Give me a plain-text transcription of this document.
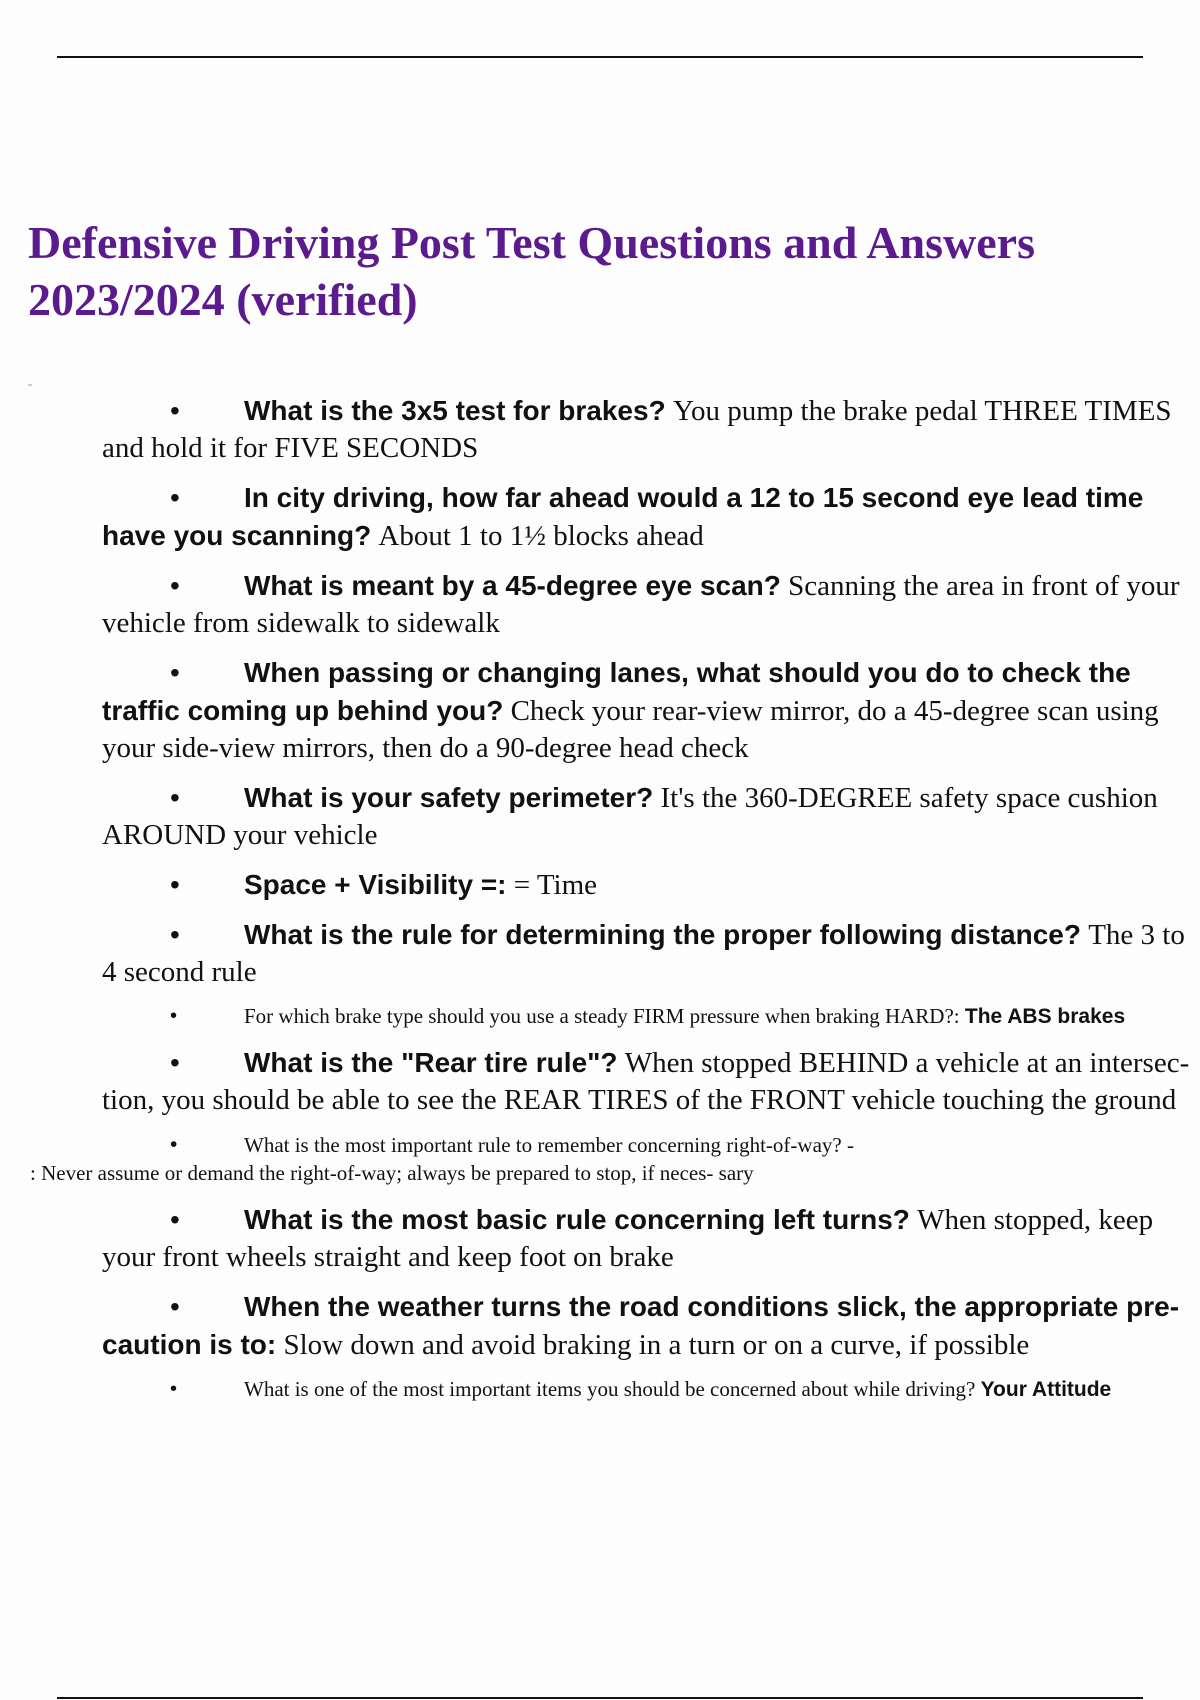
Defensive Driving Post Test Questions and Answers
2023/2024 (verified)
• What is the 3x5 test for brakes? You pump the brake pedal THREE TIMES and hold it for FIVE SECONDS
• In city driving, how far ahead would a 12 to 15 second eye lead time have you scanning? About 1 to 1½ blocks ahead
• What is meant by a 45-degree eye scan? Scanning the area in front of your vehicle from sidewalk to sidewalk
• When passing or changing lanes, what should you do to check the traffic coming up behind you? Check your rear-view mirror, do a 45-degree scan using your side-view mirrors, then do a 90-degree head check
• What is your safety perimeter? It's the 360-DEGREE safety space cushion AROUND your vehicle
• Space + Visibility =: = Time
• What is the rule for determining the proper following distance? The 3 to 4 second rule
•	For which brake type should you use a steady FIRM pressure when braking HARD?: The ABS brakes
• What is the "Rear tire rule"? When stopped BEHIND a vehicle at an intersec- tion, you should be able to see the REAR TIRES of the FRONT vehicle touching the ground
•	What is the most important rule to remember concerning right-of-way? -
: Never assume or demand the right-of-way; always be prepared to stop, if neces- sary
• What is the most basic rule concerning left turns? When stopped, keep your front wheels straight and keep foot on brake
• When the weather turns the road conditions slick, the appropriate pre- caution is to: Slow down and avoid braking in a turn or on a curve, if possible
•	What is one of the most important items you should be concerned about while driving? Your Attitude
